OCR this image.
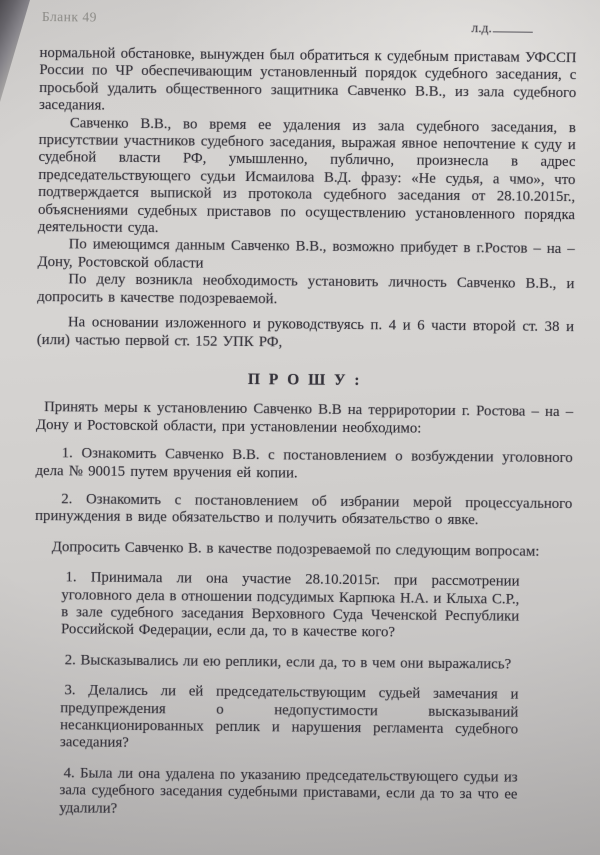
Бланк 49
л.д.

нормальной обстановке, вынужден был обратиться к судебным приставам УФССП России по ЧР обеспечивающим установленный порядок судебного заседания, с просьбой удалить общественного защитника Савченко В.В., из зала судебного заседания.

Савченко В.В., во время ее удаления из зала судебного заседания, в присутствии участников судебного заседания, выражая явное непочтение к суду и судебной власти РФ, умышленно, публично, произнесла в адрес председательствующего судьи Исмаилова В.Д. фразу: «Не судья, а чмо», что подтверждается выпиской из протокола судебного заседания от 28.10.2015г., объяснениями судебных приставов по осуществлению установленного порядка деятельности суда.

По имеющимся данным Савченко В.В., возможно прибудет в г.Ростов – на – Дону, Ростовской области

По делу возникла необходимость установить личность Савченко В.В., и допросить в качестве подозреваемой.

На основании изложенного и руководствуясь п. 4 и 6 части второй ст. 38 и (или) частью первой ст. 152 УПК РФ,

П Р О Ш У :

Принять меры к установлению Савченко В.В на терриротории г. Ростова – на – Дону и Ростовской области, при установлении необходимо:

1. Ознакомить Савченко В.В. с постановлением о возбуждении уголовного дела № 90015 путем вручения ей копии.

2. Ознакомить с постановлением об избрании мерой процессуального принуждения в виде обязательство и получить обязательство о явке.

Допросить Савченко В. в качестве подозреваемой по следующим вопросам:

1. Принимала ли она участие 28.10.2015г. при рассмотрении уголовного дела в отношении подсудимых Карпюка Н.А. и Клыха С.Р., в зале судебного заседания Верховного Суда Чеченской Республики Российской Федерации, если да, то в качестве кого?

2. Высказывались ли ею реплики, если да, то в чем они выражались?

3. Делались ли ей председательствующим судьей замечания и предупреждения о недопустимости высказываний несанкционированных реплик и нарушения регламента судебного заседания?

4. Была ли она удалена по указанию председательствующего судьи из зала судебного заседания судебными приставами, если да то за что ее удалили?
